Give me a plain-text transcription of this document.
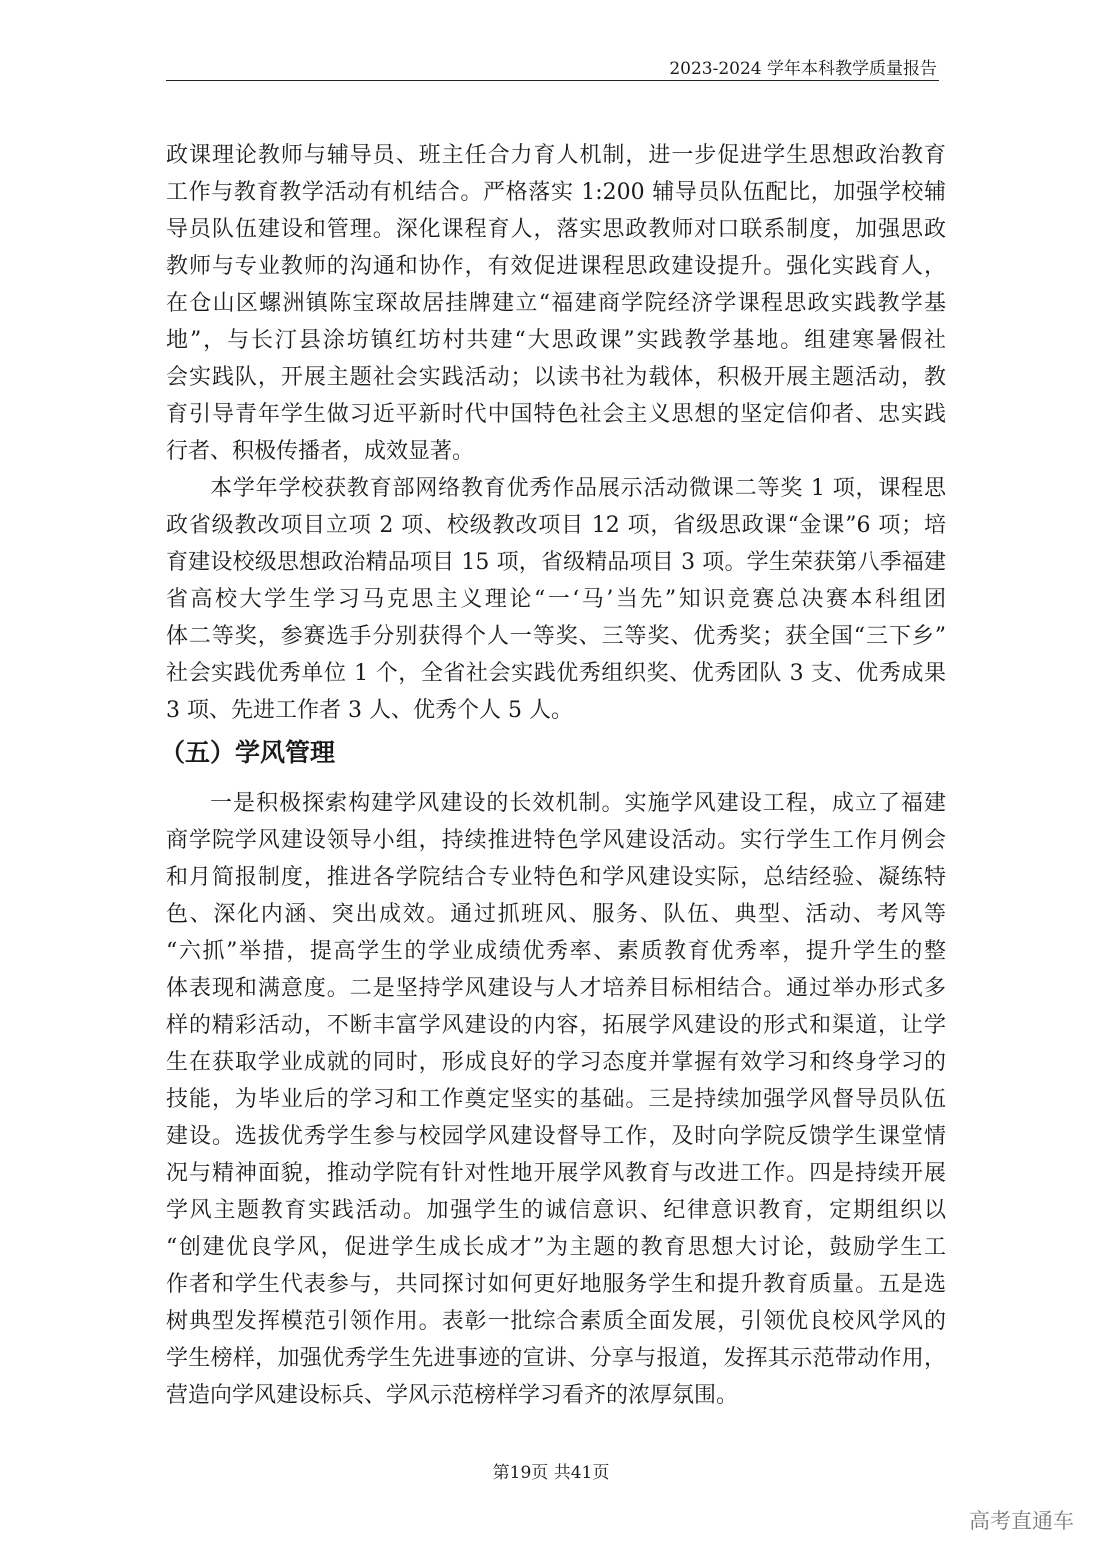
2023-2024 学年本科教学质量报告
政课理论教师与辅导员、班主任合力育人机制，进一步促进学生思想政治教育
工作与教育教学活动有机结合。严格落实 1:200 辅导员队伍配比，加强学校辅
导员队伍建设和管理。深化课程育人，落实思政教师对口联系制度，加强思政
教师与专业教师的沟通和协作，有效促进课程思政建设提升。强化实践育人，
在仓山区螺洲镇陈宝琛故居挂牌建立“福建商学院经济学课程思政实践教学基
地”，与长汀县涂坊镇红坊村共建“大思政课”实践教学基地。组建寒暑假社
会实践队，开展主题社会实践活动；以读书社为载体，积极开展主题活动，教
育引导青年学生做习近平新时代中国特色社会主义思想的坚定信仰者、忠实践
行者、积极传播者，成效显著。
本学年学校获教育部网络教育优秀作品展示活动微课二等奖 1 项，课程思
政省级教改项目立项 2 项、校级教改项目 12 项，省级思政课“金课”6 项；培
育建设校级思想政治精品项目 15 项，省级精品项目 3 项。学生荣获第八季福建
省高校大学生学习马克思主义理论“一‘马’当先”知识竞赛总决赛本科组团
体二等奖，参赛选手分别获得个人一等奖、三等奖、优秀奖；获全国“三下乡”
社会实践优秀单位 1 个，全省社会实践优秀组织奖、优秀团队 3 支、优秀成果
3 项、先进工作者 3 人、优秀个人 5 人。
（五）学风管理
一是积极探索构建学风建设的长效机制。实施学风建设工程，成立了福建
商学院学风建设领导小组，持续推进特色学风建设活动。实行学生工作月例会
和月简报制度，推进各学院结合专业特色和学风建设实际，总结经验、凝练特
色、深化内涵、突出成效。通过抓班风、服务、队伍、典型、活动、考风等
“六抓”举措，提高学生的学业成绩优秀率、素质教育优秀率，提升学生的整
体表现和满意度。二是坚持学风建设与人才培养目标相结合。通过举办形式多
样的精彩活动，不断丰富学风建设的内容，拓展学风建设的形式和渠道，让学
生在获取学业成就的同时，形成良好的学习态度并掌握有效学习和终身学习的
技能，为毕业后的学习和工作奠定坚实的基础。三是持续加强学风督导员队伍
建设。选拔优秀学生参与校园学风建设督导工作，及时向学院反馈学生课堂情
况与精神面貌，推动学院有针对性地开展学风教育与改进工作。四是持续开展
学风主题教育实践活动。加强学生的诚信意识、纪律意识教育，定期组织以
“创建优良学风，促进学生成长成才”为主题的教育思想大讨论，鼓励学生工
作者和学生代表参与，共同探讨如何更好地服务学生和提升教育质量。五是选
树典型发挥模范引领作用。表彰一批综合素质全面发展，引领优良校风学风的
学生榜样，加强优秀学生先进事迹的宣讲、分享与报道，发挥其示范带动作用，
营造向学风建设标兵、学风示范榜样学习看齐的浓厚氛围。
第19页 共41页
高考直通车
